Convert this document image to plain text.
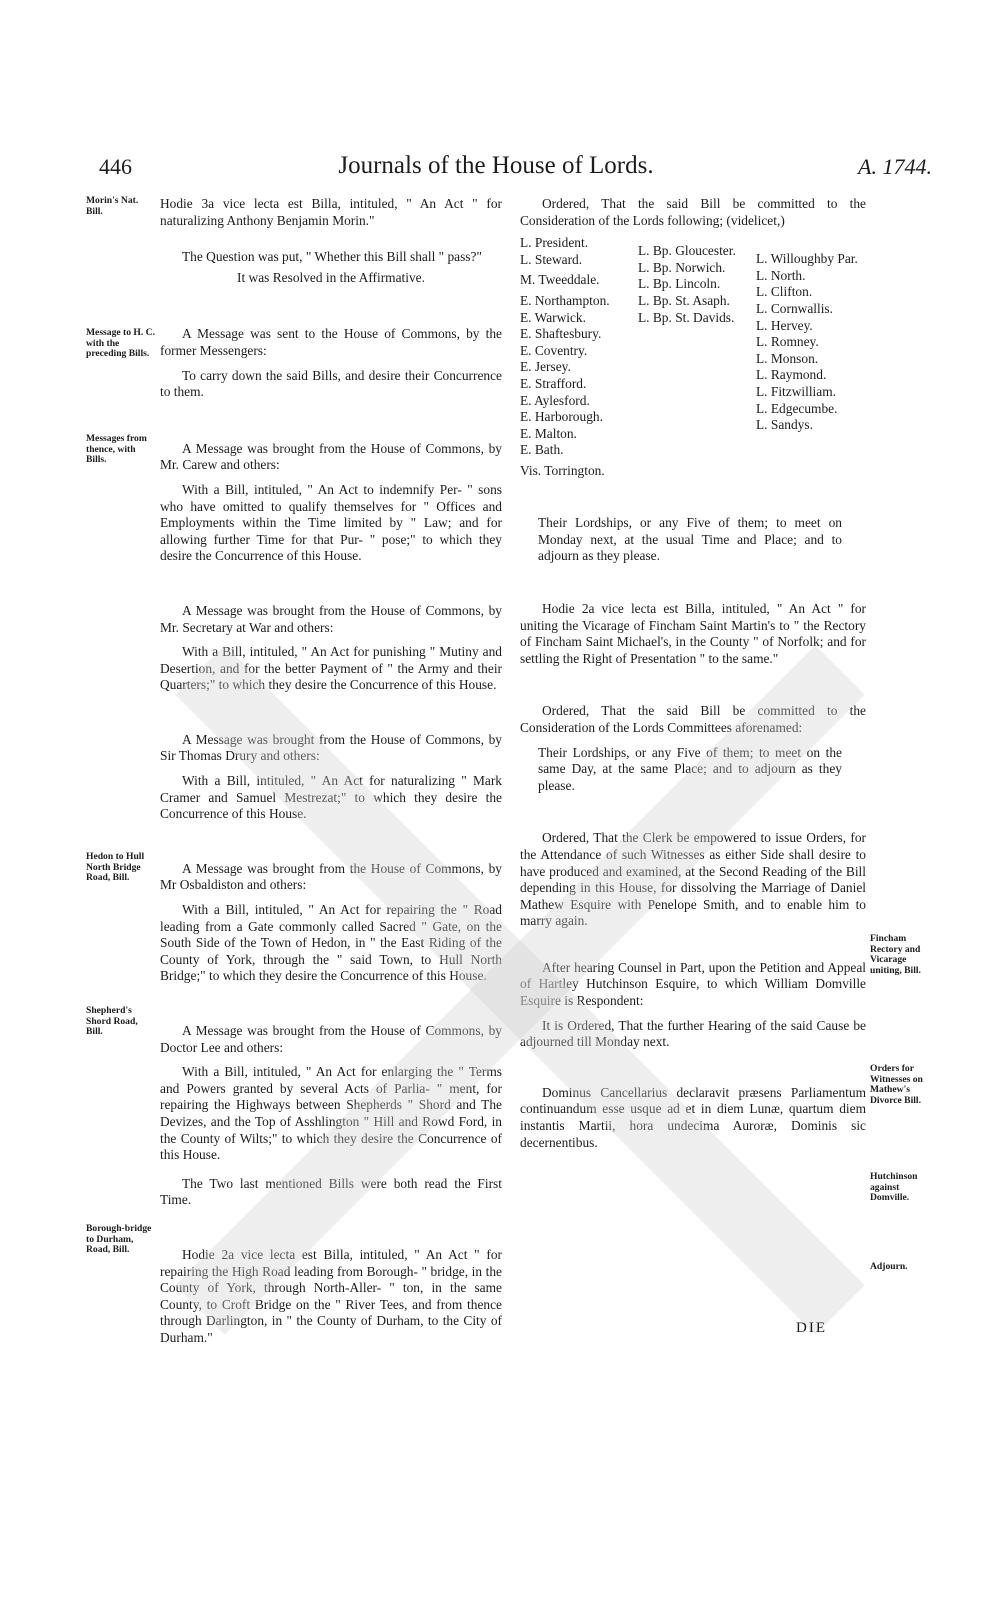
446	Journals of the House of Lords.	A. 1744.
Morin's Nat. Bill.
Message to H. C. with the preceding Bills.
Messages from thence, with Bills.
Hedon to Hull North Bridge Road, Bill.
Shepherd's Shord Road, Bill.
Borough-bridge to Durham, Road, Bill.

Hodie 3a vice lecta est Billa, intituled, " An Act " for naturalizing Anthony Benjamin Morin."

The Question was put, " Whether this Bill shall " pass?"

It was Resolved in the Affirmative.

A Message was sent to the House of Commons, by the former Messengers:

To carry down the said Bills, and desire their Concurrence to them.

A Message was brought from the House of Commons, by Mr. Carew and others:

With a Bill, intituled, " An Act to indemnify Per- " sons who have omitted to qualify themselves for " Offices and Employments within the Time limited by " Law; and for allowing further Time for that Pur- " pose;" to which they desire the Concurrence of this House.

A Message was brought from the House of Commons, by Mr. Secretary at War and others:

With a Bill, intituled, " An Act for punishing " Mutiny and Desertion, and for the better Payment of " the Army and their Quarters;" to which they desire the Concurrence of this House.

A Message was brought from the House of Commons, by Sir Thomas Drury and others:

With a Bill, intituled, " An Act for naturalizing " Mark Cramer and Samuel Mestrezat;" to which they desire the Concurrence of this House.

A Message was brought from the House of Commons, by Mr Osbaldiston and others:

With a Bill, intituled, " An Act for repairing the " Road leading from a Gate commonly called Sacred " Gate, on the South Side of the Town of Hedon, in " the East Riding of the County of York, through the " said Town, to Hull North Bridge;" to which they desire the Concurrence of this House.

A Message was brought from the House of Commons, by Doctor Lee and others:

With a Bill, intituled, " An Act for enlarging the " Terms and Powers granted by several Acts of Parlia- " ment, for repairing the Highways between Shepherds " Shord and The Devizes, and the Top of Asshlington " Hill and Rowd Ford, in the County of Wilts;" to which they desire the Concurrence of this House.

The Two last mentioned Bills were both read the First Time.

Hodie 2a vice lecta est Billa, intituled, " An Act " for repairing the High Road leading from Borough- " bridge, in the County of York, through North-Aller- " ton, in the same County, to Croft Bridge on the " River Tees, and from thence through Darlington, in " the County of Durham, to the City of Durham."

Ordered, That the said Bill be committed to the Consideration of the Lords following; (videlicet,)

L. President.
L. Steward.
M. Tweeddale.
E. Northampton.
E. Warwick.
E. Shaftesbury.
E. Coventry.
E. Jersey.
E. Strafford.
E. Aylesford.
E. Harborough.
E. Malton.
E. Bath.
Vis. Torrington.
L. Bp. Gloucester.
L. Bp. Norwich.
L. Bp. Lincoln.
L. Bp. St. Asaph.
L. Bp. St. Davids.
L. Willoughby Par.
L. North.
L. Clifton.
L. Cornwallis.
L. Hervey.
L. Romney.
L. Monson.
L. Raymond.
L. Fitzwilliam.
L. Edgecumbe.
L. Sandys.

Their Lordships, or any Five of them; to meet on Monday next, at the usual Time and Place; and to adjourn as they please.

Hodie 2a vice lecta est Billa, intituled, " An Act " for uniting the Vicarage of Fincham Saint Martin's to " the Rectory of Fincham Saint Michael's, in the County " of Norfolk; and for settling the Right of Presentation " to the same."

Ordered, That the said Bill be committed to the Consideration of the Lords Committees aforenamed:

Their Lordships, or any Five of them; to meet on the same Day, at the same Place; and to adjourn as they please.

Ordered, That the Clerk be empowered to issue Orders, for the Attendance of such Witnesses as either Side shall desire to have produced and examined, at the Second Reading of the Bill depending in this House, for dissolving the Marriage of Daniel Mathew Esquire with Penelope Smith, and to enable him to marry again.

After hearing Counsel in Part, upon the Petition and Appeal of Hartley Hutchinson Esquire, to which William Domville Esquire is Respondent:

It is Ordered, That the further Hearing of the said Cause be adjourned till Monday next.

Dominus Cancellarius declaravit præsens Parliamentum continuandum esse usque ad et in diem Lunæ, quartum diem instantis Martii, hora undecima Auroræ, Dominis sic decernentibus.

Fincham Rectory and Vicarage uniting, Bill.
Orders for Witnesses on Mathew's Divorce Bill.
Hutchinson against Domville.
Adjourn.
DIE
